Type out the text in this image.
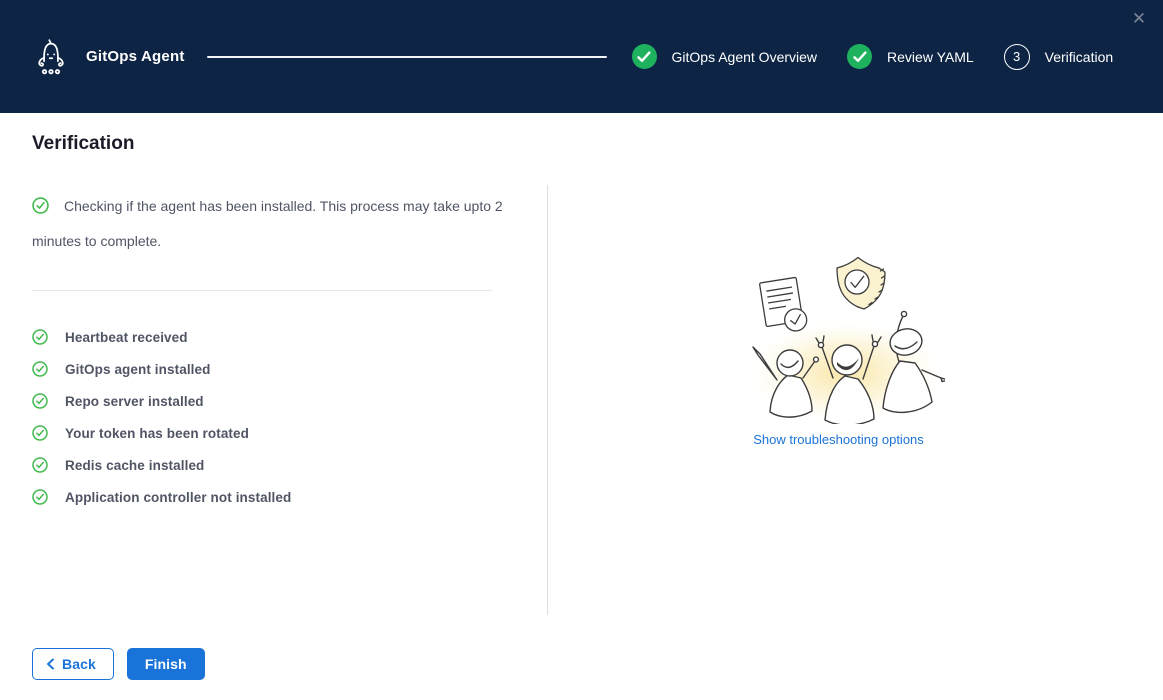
✕
GitOps Agent	GitOps Agent Overview	Review YAML	3	Verification
Verification

Checking if the agent has been installed. This process may take upto 2 minutes to complete.

Heartbeat received
GitOps agent installed
Repo server installed
Your token has been rotated
Redis cache installed
Application controller not installed
Show troubleshooting options
Back	Finish
